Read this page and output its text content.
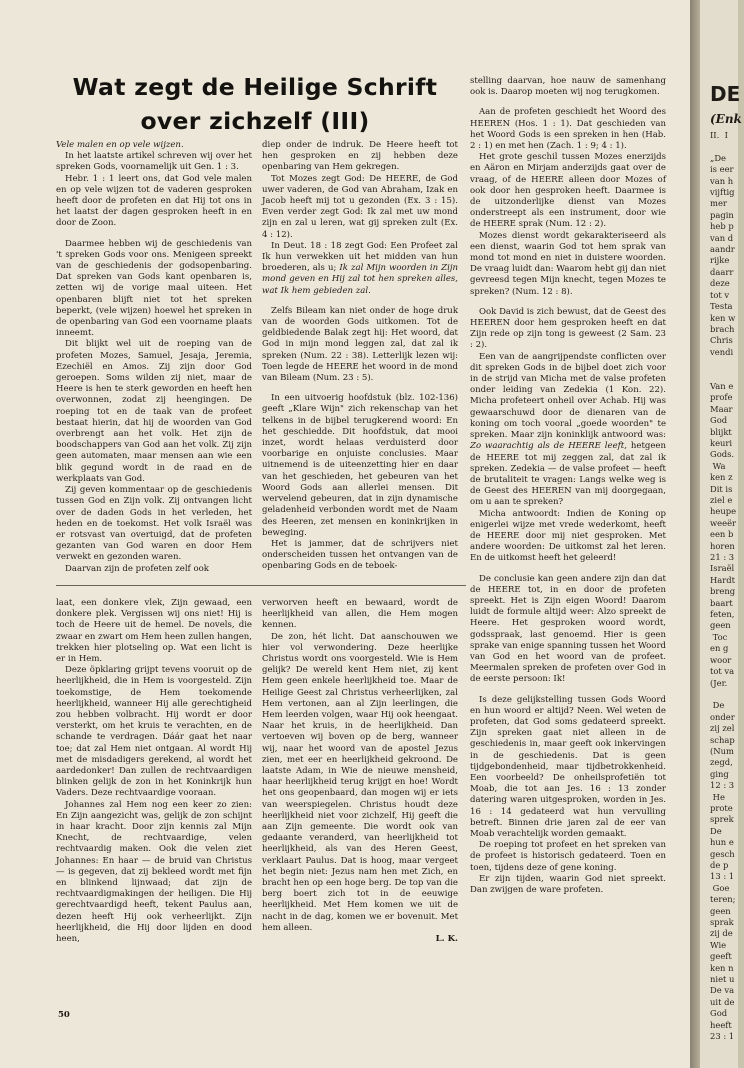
Wat zegt de Heilige Schrift over zichzelf (III)

Vele malen en op vele wijzen.

In het laatste artikel schreven wij over het spreken Gods, voornamelijk uit Gen. 1 : 3.

Hebr. 1 : 1 leert ons, dat God vele malen en op vele wijzen tot de vaderen gesproken heeft door de profeten en dat Hij tot ons in het laatst der dagen gesproken heeft in en door de Zoon.

Daarmee hebben wij de geschiedenis van 't spreken Gods voor ons. Menigeen spreekt van de geschiedenis der godsopenbaring. Dat spreken van Gods kant openbaren is, zetten wij de vorige maal uiteen. Het openbaren blijft niet tot het spreken beperkt, (vele wijzen) hoewel het spreken in de openbaring van God een voorname plaats inneemt.

Dit blijkt wel uit de roeping van de profeten Mozes, Samuel, Jesaja, Jeremia, Ezechiël en Amos. Zij zijn door God geroepen. Soms wilden zij niet, maar de Heere is hen te sterk geworden en heeft hen overwonnen, zodat zij heengingen. De roeping tot en de taak van de profeet bestaat hierin, dat hij de woorden van God overbrengt aan het volk. Het zijn de boodschappers van God aan het volk. Zij zijn geen automaten, maar mensen aan wie een blik gegund wordt in de raad en de werkplaats van God.

Zij geven kommentaar op de geschiedenis tussen God en Zijn volk. Zij ontvangen licht over de daden Gods in het verleden, het heden en de toekomst. Het volk Israël was er rotsvast van overtuigd, dat de profeten gezanten van God waren en door Hem verwekt en gezonden waren.

Daarvan zijn de profeten zelf ook

diep onder de indruk. De Heere heeft tot hen gesproken en zij hebben deze openbaring van Hem gekregen.

Tot Mozes zegt God: De HEERE, de God uwer vaderen, de God van Abraham, Izak en Jacob heeft mij tot u gezonden (Ex. 3 : 15). Even verder zegt God: Ik zal met uw mond zijn en zal u leren, wat gij spreken zult (Ex. 4 : 12).

In Deut. 18 : 18 zegt God: Een Profeet zal Ik hun verwekken uit het midden van hun broederen, als u; Ik zal Mijn woorden in Zijn mond geven en Hij zal tot hen spreken alles, wat Ik hem gebieden zal.

Zelfs Bileam kan niet onder de hoge druk van de woorden Gods uitkomen. Tot de geldbiedende Balak zegt hij: Het woord, dat God in mijn mond leggen zal, dat zal ik spreken (Num. 22 : 38). Letterlijk lezen wij: Toen legde de HEERE het woord in de mond van Bileam (Num. 23 : 5).

In een uitvoerig hoofdstuk (blz. 102-136) geeft „Klare Wijn" zich rekenschap van het telkens in de bijbel terugkerend woord: En het geschiedde. Dit hoofdstuk, dat mooi inzet, wordt helaas verduisterd door voorbarige en onjuiste conclusies. Maar uitnemend is de uiteenzetting hier en daar van het geschieden, het gebeuren van het Woord Gods aan allerlei mensen. Dit wervelend gebeuren, dat in zijn dynamische geladenheid verbonden wordt met de Naam des Heeren, zet mensen en koninkrijken in beweging.

Het is jammer, dat de schrijvers niet onderscheiden tussen het ontvangen van de openbaring Gods en de teboek-

stelling daarvan, hoe nauw de samenhang ook is. Daarop moeten wij nog terugkomen.

Aan de profeten geschiedt het Woord des HEEREN (Hos. 1 : 1). Dat geschieden van het Woord Gods is een spreken in hen (Hab. 2 : 1) en met hen (Zach. 1 : 9; 4 : 1).

Het grote geschil tussen Mozes enerzijds en Aäron en Mirjam anderzijds gaat over de vraag, of de HEERE alleen door Mozes of ook door hen gesproken heeft. Daarmee is de uitzonderlijke dienst van Mozes onderstreept als een instrument, door wie de HEERE sprak (Num. 12 : 2).

Mozes dienst wordt gekarakteriseerd als een dienst, waarin God tot hem sprak van mond tot mond en niet in duistere woorden. De vraag luidt dan: Waarom hebt gij dan niet gevreesd tegen Mijn knecht, tegen Mozes te spreken? (Num. 12 : 8).

Ook David is zich bewust, dat de Geest des HEEREN door hem gesproken heeft en dat Zijn rede op zijn tong is geweest (2 Sam. 23 : 2).

Een van de aangrijpendste conflicten over dit spreken Gods in de bijbel doet zich voor in de strijd van Micha met de valse profeten onder leiding van Zedekia (1 Kon. 22). Micha profeteert onheil over Achab. Hij was gewaarschuwd door de dienaren van de koning om toch vooral „goede woorden" te spreken. Maar zijn koninklijk antwoord was: Zo waarachtig als de HEERE leeft, hetgeen de HEERE tot mij zeggen zal, dat zal ik spreken. Zedekia — de valse profeet — heeft de brutaliteit te vragen: Langs welke weg is de Geest des HEEREN van mij doorgegaan, om u aan te spreken?

Micha antwoordt: Indien de Koning op enigerlei wijze met vrede wederkomt, heeft de HEERE door mij niet gesproken. Met andere woorden: De uitkomst zal het leren. En de uitkomst heeft het geleerd!

De conclusie kan geen andere zijn dan dat de HEERE tot, in en door de profeten spreekt. Het is Zijn eigen Woord! Daarom luidt de formule altijd weer: Alzo spreekt de Heere. Het gesproken woord wordt, godsspraak, last genoemd. Hier is geen sprake van enige spanning tussen het Woord van God en het woord van de profeet. Meermalen spreken de profeten over God in de eerste persoon: Ik!

Is deze gelijkstelling tussen Gods Woord en hun woord er altijd? Neen. Wel weten de profeten, dat God soms gedateerd spreekt. Zijn spreken gaat niet alleen in de geschiedenis in, maar geeft ook inkervingen in de geschiedenis. Dat is geen tijdgebondenheid, maar tijdbetrokkenheid. Een voorbeeld? De onheilsprofetiën tot Moab, die tot aan Jes. 16 : 13 zonder datering waren uitgesproken, worden in Jes. 16 : 14 gedateerd wat hun vervulling betreft. Binnen drie jaren zal de eer van Moab verachtelijk worden gemaakt.

De roeping tot profeet en het spreken van de profeet is historisch gedateerd. Toen en toen, tijdens deze of gene koning.

Er zijn tijden, waarin God niet spreekt. Dan zwijgen de ware profeten.

laat, een donkere vlek, Zijn gewaad, een donkere plek. Vergissen wij ons niet! Hij is toch de Heere uit de hemel. De novels, die zwaar en zwart om Hem heen zullen hangen, trekken hier plotseling op. Wat een licht is er in Hem.

Deze öpklaring grijpt tevens vooruit op de heerlijkheid, die in Hem is voorgesteld. Zijn toekomstige, de Hem toekomende heerlijkheid, wanneer Hij alle gerechtigheid zou hebben volbracht. Hij wordt er door versterkt, om het kruis te verachten, en de schande te verdragen. Dáár gaat het naar toe; dat zal Hem niet ontgaan. Al wordt Hij met de misdadigers gerekend, al wordt het aardedonker! Dan zullen de rechtvaardigen blinken gelijk de zon in het Koninkrijk hun Vaders. Deze rechtvaardige vooraan.

Johannes zal Hem nog een keer zo zien: En Zijn aangezicht was, gelijk de zon schijnt in haar kracht. Door zijn kennis zal Mijn Knecht, de rechtvaardige, velen rechtvaardig maken. Ook die velen ziet Johannes: En haar — de bruid van Christus — is gegeven, dat zij bekleed wordt met fijn en blinkend lijnwaad; dat zijn de rechtvaardigmakingen der heiligen. Die Hij gerechtvaardigd heeft, tekent Paulus aan, dezen heeft Hij ook verheerlijkt. Zijn heerlijkheid, die Hij door lijden en dood heen,

verworven heeft en bewaard, wordt de heerlijkheid van allen, die Hem mogen kennen.

De zon, hét licht. Dat aanschouwen we hier vol verwondering. Deze heerlijke Christus wordt ons voorgesteld. Wie is Hem gelijk? De wereld kent Hem niet, zij kent Hem geen enkele heerlijkheid toe. Maar de Heilige Geest zal Christus verheerlijken, zal Hem vertonen, aan al Zijn leerlingen, die Hem leerden volgen, waar Hij ook heengaat. Naar het kruis, in de heerlijkheid. Dan vertoeven wij boven op de berg, wanneer wij, naar het woord van de apostel Jezus zien, met eer en heerlijkheid gekroond. De laatste Adam, in Wie de nieuwe mensheid, haar heerlijkheid terug krijgt en hoe! Wordt het ons geopenbaard, dan mogen wij er iets van weerspiegelen. Christus houdt deze heerlijkheid niet voor zichzelf, Hij geeft die aan Zijn gemeente. Die wordt ook van gedaante veranderd, van heerlijkheid tot heerlijkheid, als van des Heren Geest, verklaart Paulus. Dat is hoog, maar vergeet het begin niet: Jezus nam hen met Zich, en bracht hen op een hoge berg. De top van die berg boert zich tot in de eeuwige heerlijkheid. Met Hem komen we uit de nacht in de dag, komen we er bovenuit. Met hem alleen.

L. K.

50
DE
(Enk
II.  I

„De
is eer
van h
vijftig
mer
pagin
heb p
van d
aandr
rijke
daarr
deze
tot v
Testa
ken w
brach
Chris
vendi

Van e
profe
Maar
God
blijkt
keuri
Gods.
Wa
ken z
Dit is
ziel e
heupe
weeër
een b
horen
21 : 3
Israël
Hardt
breng
baart
feten,
geen
Toc
en g
woor
tot va
(Jer.

De
onder
zij zel
schap
(Num
zegd,
ging
12 : 3
He
prote
sprek
De
hun e
gesch
de p
13 : 1
Goe
teren;
geen
sprak
zij de
Wie
geeft
ken n
niet u
De va
uit de
God
heeft
23 : 1
